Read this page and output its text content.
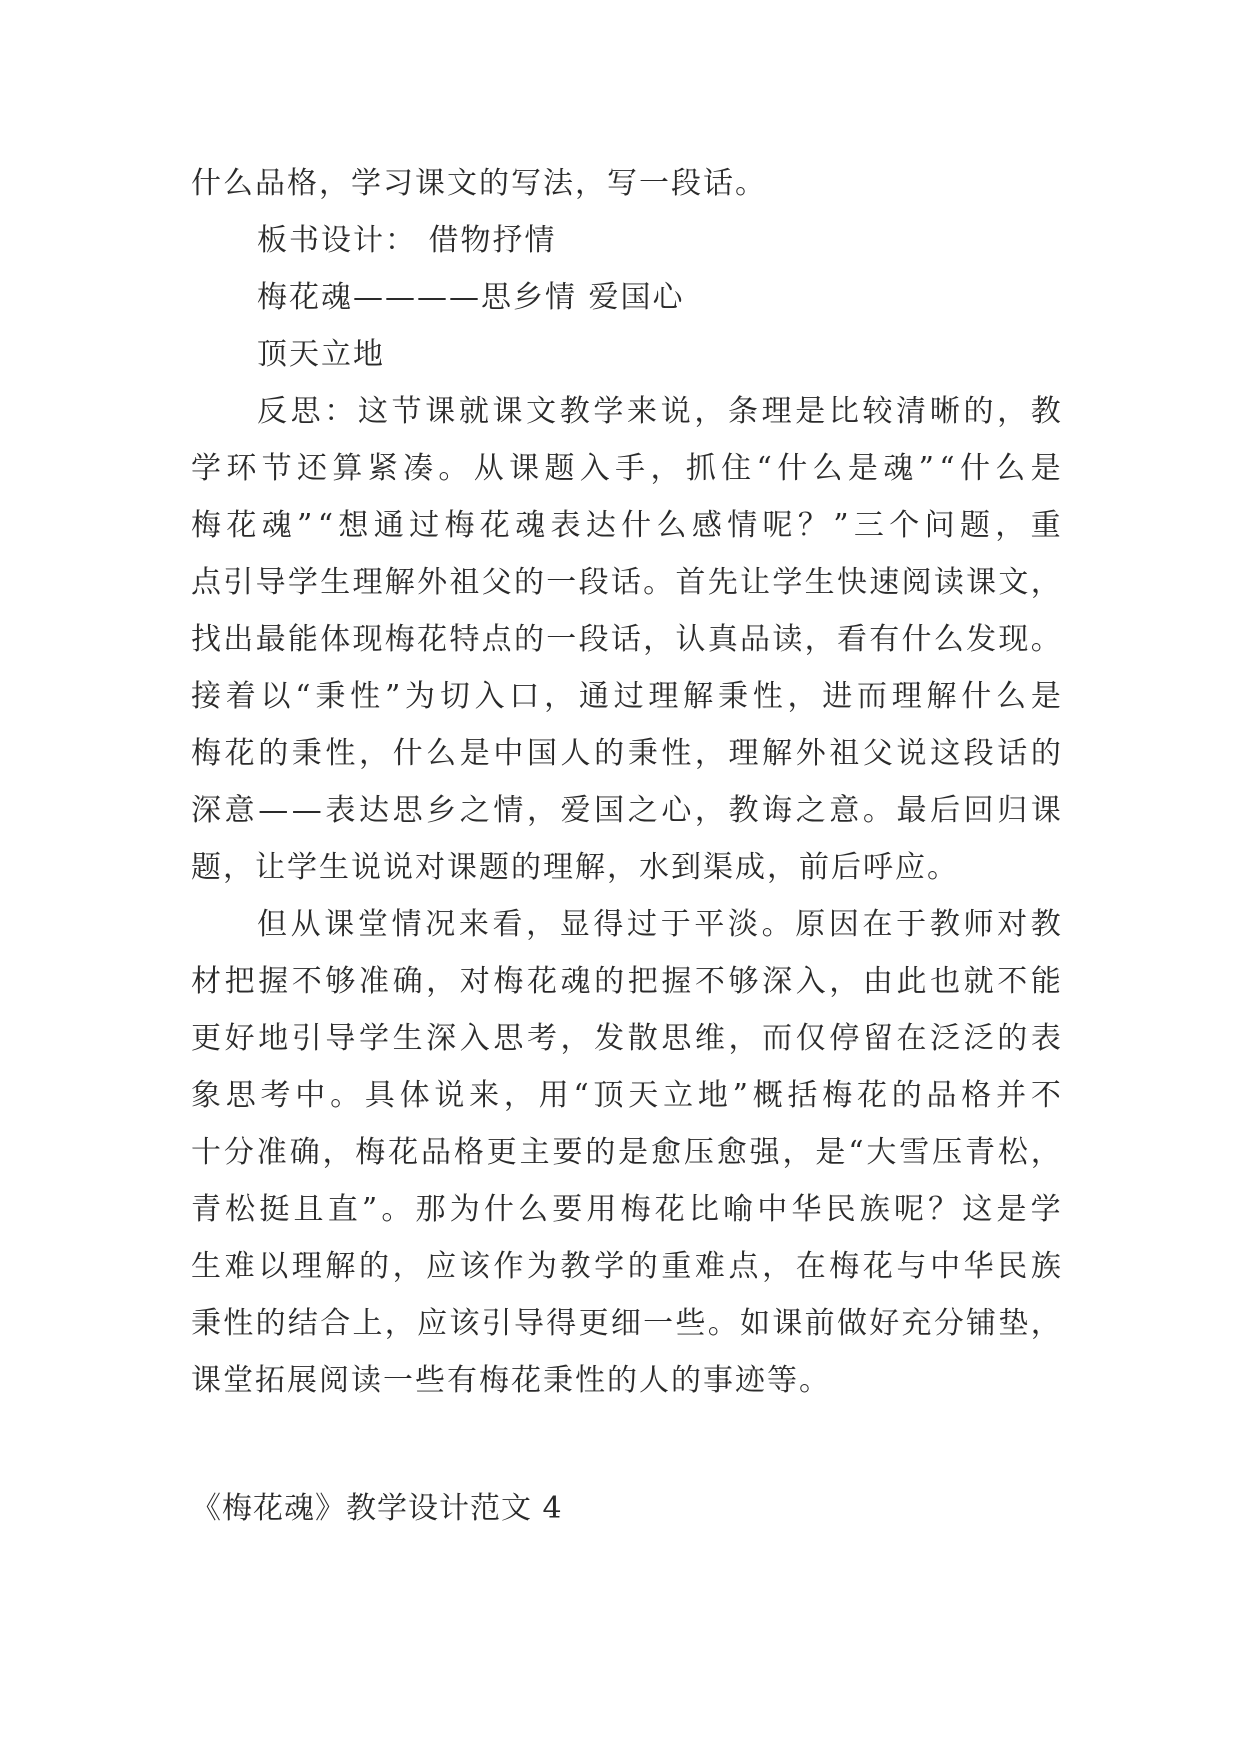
什么品格，学习课文的写法，写一段话。
板书设计： 借物抒情
梅花魂————思乡情 爱国心
顶天立地
反 思 ： 这 节 课 就 课 文 教 学 来 说 ， 条 理 是 比 较 清 晰 的 ， 教
学 环 节 还 算 紧 凑 。 从 课 题 入 手 ， 抓 住 “ 什 么 是 魂 ” “ 什 么 是
梅 花 魂 ” “ 想 通 过 梅 花 魂 表 达 什 么 感 情 呢 ？ ” 三 个 问 题 ， 重
点 引 导 学 生 理 解 外 祖 父 的 一 段 话 。 首 先 让 学 生 快 速 阅 读 课 文 ，
找 出 最 能 体 现 梅 花 特 点 的 一 段 话 ， 认 真 品 读 ， 看 有 什 么 发 现 。
接 着 以 “ 秉 性 ” 为 切 入 口 ， 通 过 理 解 秉 性 ， 进 而 理 解 什 么 是
梅 花 的 秉 性 ， 什 么 是 中 国 人 的 秉 性 ， 理 解 外 祖 父 说 这 段 话 的
深 意 — — 表 达 思 乡 之 情 ， 爱 国 之 心 ， 教 诲 之 意 。 最 后 回 归 课
题，让学生说说对课题的理解，水到渠成，前后呼应。
但 从 课 堂 情 况 来 看 ， 显 得 过 于 平 淡 。 原 因 在 于 教 师 对 教
材 把 握 不 够 准 确 ， 对 梅 花 魂 的 把 握 不 够 深 入 ， 由 此 也 就 不 能
更 好 地 引 导 学 生 深 入 思 考 ， 发 散 思 维 ， 而 仅 停 留 在 泛 泛 的 表
象 思 考 中 。 具 体 说 来 ， 用 “ 顶 天 立 地 ” 概 括 梅 花 的 品 格 并 不
十 分 准 确 ， 梅 花 品 格 更 主 要 的 是 愈 压 愈 强 ， 是 “ 大 雪 压 青 松 ，
青 松 挺 且 直 ” 。 那 为 什 么 要 用 梅 花 比 喻 中 华 民 族 呢 ？ 这 是 学
生 难 以 理 解 的 ， 应 该 作 为 教 学 的 重 难 点 ， 在 梅 花 与 中 华 民 族
秉 性 的 结 合 上 ， 应 该 引 导 得 更 细 一 些 。 如 课 前 做 好 充 分 铺 垫 ，
课堂拓展阅读一些有梅花秉性的人的事迹等。
《梅花魂》教学设计范文 4
